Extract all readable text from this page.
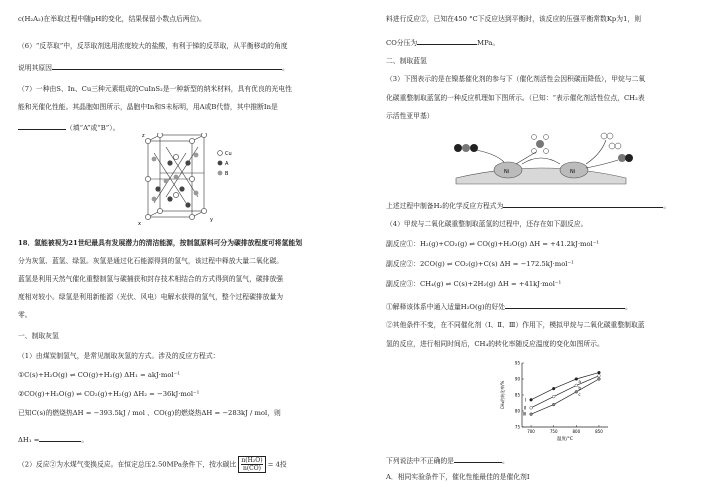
c(H₂A₂)在举取过程中随pH的变化，结果保留小数点后两位)。
（6）“反萃取”中，反萃取剂选用浓度较大的盐酸，有利于锑的反萃取，从平衡移动的角度
说明其原因	。
（7）一种由S、In、Cu三种元素组成的CuInS₂是一种新型的纳米材料，具有优良的光电性
能和光催化性能。其晶胞如图所示，晶胞中In和S未标明，用A或B代替，其中推断In是
（填“A”或“B”）。
Cu
A
B
x
y
z
18．氢能被视为21世纪最具有发展潜力的清洁能源，按制氢原料可分为碳排放程度可将氢能划
分为灰氢、蓝氢、绿氢。灰氢是通过化石能源得到的氢气，该过程中释放大量二氧化碳。
蓝氢是利用天然气催化重整制氢与碳捕获和封存技术相结合的方式得到的氢气，碳排放强
度相对较小。绿氢是利用新能源（光伏、风电）电解水获得的氢气，整个过程碳排放量为
零。
一、制取灰氢
（1）由煤炭制氢气，是常见制取灰氢的方式。涉及的反应方程式：
①C(s)+H₂O(g) ⇌ CO(g)+H₂(g) ΔH₁ = akJ·mol⁻¹
②CO(g)+H₂O(g) ⇌ CO₂(g)+H₂(g) ΔH₂ = −36kJ·mol⁻¹
已知C(s)的燃烧热ΔH = −393.5kJ / mol 、CO(g)的燃烧热ΔH = −283kJ / mol，则
ΔH₁ =	。
（2）反应②为水煤气变换反应。在恒定总压2.50MPa条件下，按水碳比 $\frac{\text{n(H₂O)}}{n(CO)} = 4$投
料进行反应②，已知在450 °C下反应达到平衡时，该反应的压强平衡常数Kp为1，则
CO分压为	MPa。
二、制取蓝氢
（3）下图表示的是在镍基催化剂的参与下（催化剂活性会因积碳而降低），甲烷与二氧
化碳重整制取蓝氢的一种反应机理如下图所示。（已知：“表示催化剂活性位点，CH₂表
示活性亚甲基）
Ni	Ni
上述过程中制备H₂的化学反应方程式为	。
（4）甲烷与二氧化碳重整制取蓝氢的过程中，还存在如下副反应。
副反应①：H₂(g)+CO₂(g) ⇌ CO(g)+H₂O(g) ΔH = +41.2kJ·mol⁻¹
副反应②：2CO(g) ⇌ CO₂(g)+C(s) ΔH = −172.5kJ·mol⁻¹
副反应③：CH₄(g) ⇌ C(s)+2H₂(g) ΔH = +41kJ·mol⁻¹
①解释该体系中通入适量H₂O(g)的好处	。
②其他条件不变，在不同催化剂（Ⅰ、Ⅱ、Ⅲ）作用下，模拟甲烷与二氧化碳重整制取蓝
氢的反应，进行相同时间后，CH₄的转化率随反应温度的变化如图所示。
75
80
85
90
95
700	750	800	850
温度/°C
CH₄的转化率/%	Ⅰ
Ⅱ
Ⅲ
a
b
c
下列说法中不正确的是	。
A．相同实验条件下，催化性能最佳的是催化剂Ⅰ
